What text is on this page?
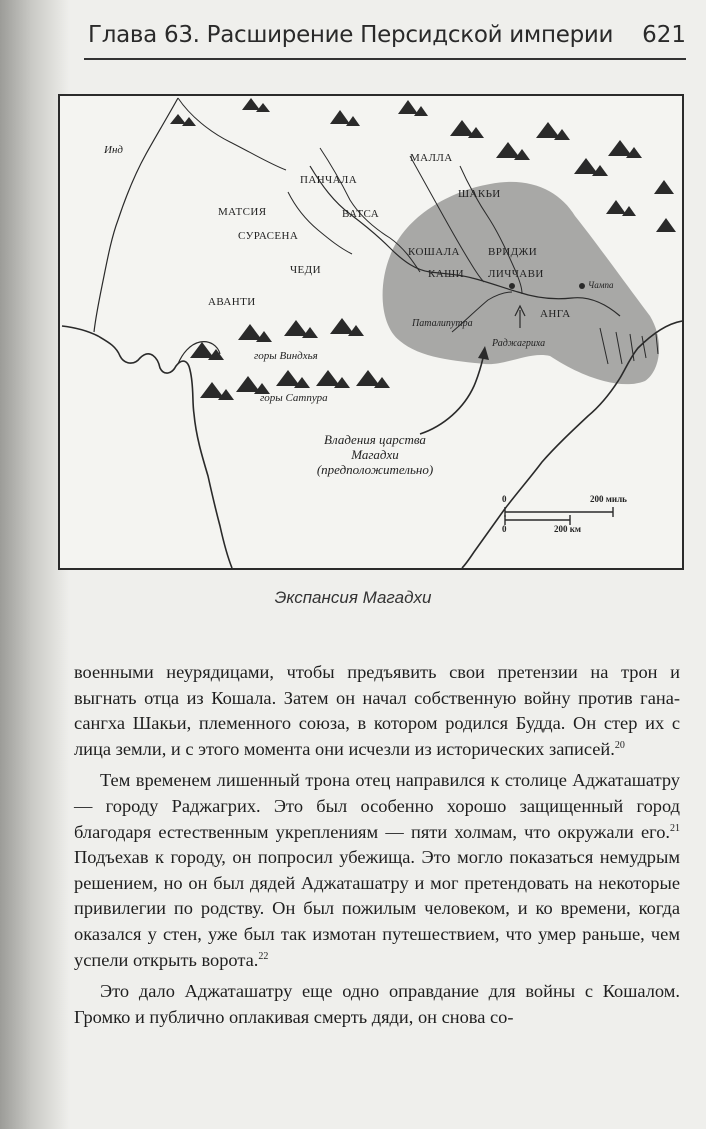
Глава 63. Расширение Персидской империи 621
Инд
МАЛЛА
ПАНЧАЛА
ШАКЬИ
МАТСИЯ	ВАТСА
СУРАСЕНА
КОШАЛА	ВРИДЖИ
ЧЕДИ	КАШИ ЛИЧЧАВИ
Чампа
АВАНТИ
АНГА
Паталипутра
Раджагриха
горы Виндхья
горы Сатпура
Владения царства
Магадхи
(предположительно)
0	200 миль
0	200 км
Экспансия Магадхи

военными неурядицами, чтобы предъявить свои претензии на трон и выгнать отца из Кошала. Затем он начал собственную войну против гана-сангха Шакьи, племенного союза, в котором родился Будда. Он стер их с лица земли, и с этого момента они исчезли из исторических записей.$^{20}$

Тем временем лишенный трона отец направился к столице Аджаташатру — городу Раджагрих. Это был особенно хорошо защищенный город благодаря естественным укреплениям — пяти холмам, что окружали его.$^{21}$ Подъехав к городу, он попросил убежища. Это могло показаться немудрым решением, но он был дядей Аджаташатру и мог претендовать на некоторые привилегии по родству. Он был пожилым человеком, и ко времени, когда оказался у стен, уже был так измотан путешествием, что умер раньше, чем успели открыть ворота.$^{22}$

Это дало Аджаташатру еще одно оправдание для войны с Кошалом. Громко и публично оплакивая смерть дяди, он снова со-
